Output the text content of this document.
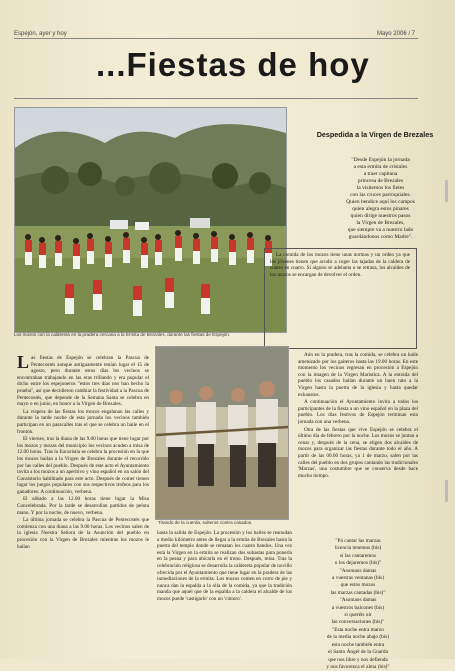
Espejón, ayer y hoy	Mayo 2006 / 7
...Fiestas de hoy
Los mozos con la caldereta en la pradera cercana a la Ermita de Brezales, durante las fiestas de Espejón.
Despedida a la Virgen de Brezales
"Desde Espejón la jornada
a esta ermita de cristales
a traer capitana
princesa de Brezales
la visitemos los fieles
con las cruces parroquiales.
Quien bendice aquí los campos
quien alegra estos pinares
quien dirige nuestros pasos
la Virgen de Brezales,
que siempre va a nuestro lado
guardándonos como Madre".

La comida de los mozos tiene unas normas y un orden ya que los jóvenes tienen que acudir a coger las tajadas de la caldera de cuatro en cuatro. Si alguno se adelanta o se retrasa, los alcaldes de los mozos se encargan de devolver el orden.

L as fiestas de Espejón se celebran la Pascua de Pentecostés aunque antiguamente tenían lugar el 15 de agosto, pero durante estos días los vecinos se encontraban trabajando en las eras trillando y era popular el dicho entre los espejoneros "estos tres días nos han hecho la prueba", así que decidieron cambiar la festividad a la Pascua de Pentecostés, que depende de la Semana Santa se celebra en mayo o en junio, en honor a la Virgen de Brezales.

La víspera de las fiestas los mozos engalanan las calles y durante la tarde noche de esta jornada los vecinos también participan en un pasacalles tras el que se celebra un baile en el frontón.

El viernes, tras la diana de las 9.00 horas que tiene lugar por los mozos y mozas del municipio los vecinos acuden a misa de 12.00 horas. Tras la Eucaristía se celebra la procesión en la que los mozos bailan a la Virgen de Brezales durante el recorrido por las calles del pueblo. Después de este acto el Ayuntamiento invita a los mozos a un aperitivo y vino español en un salón del Consistorio habilitado para este acto. Después de comer tienen lugar los juegos populares con sus respectivos trofeos para los ganadores. A continuación, verbena.

El sábado a las 12.00 horas tiene lugar la Misa Concelebrada. Por la tarde se desarrollan partidos de pelota mano. Y por la noche, de nuevo, verbena.

La última jornada se celebra la Pascua de Pentecostés que comienza con una diana a las 9.00 horas. Los vecinos salen de la iglesia Nuestra Señora de la Asunción del pueblo en procesión con la Virgen de Brezales mientras los mozos le bailan

Tirando de la cuerda, solteros contra casados.

hasta la salida de Espejón. La procesión y los bailes se reanudan a medio kilómetro antes de llegar a la ermita de Brezales hasta la puerta del templo donde se rematan los cuatro bandos. Una vez está la Virgen en la ermita se realizan dos subastas para ponerla en la peana y para ubicarla en el trono. Después, misa. Tras la celebración religiosa se desarrolla la caldereta popular de novillo ofrecida por el Ayuntamiento que tiene lugar en la pradera de las inmediaciones de la ermita. Los mozos comen en corro de pie y nunca dan la espalda a la olla de la comida, ya que la tradición manda que aquel que de la espalda a la caldera el alcalde de los mozos puede 'castigarlo' con un 'cinturo'.

Aún en la pradera, tras la comida, se celebra un baile amenizado por los gaiteros hasta las 19.00 horas. En este momento los vecinos regresan en procesión a Espejón con la imagen de la Virgen Marística. A la entrada del pueblo los casados bailan durante un buen rato a la Virgen hasta la puerta de la iglesia y hasta quedar exhaustos.

A continuación el Ayuntamiento invita a todos los participantes de la fiesta a un vino español en la plaza del pueblo. Los días festivos de Espejón terminan esta jornada con una verbena.

Otra de las fiestas que vive Espejón se celebra el último día de febrero por la noche. Los mozos se juntan a cenar y, después de la cena, se eligen dos alcaldes de mozos para organizar las fiestas durante todo el año. A partir de las 00.00 horas, ya 1 de marzo, salen por las calles del pueblo en dos grupos cantando las tradicionales 'Marzas', una costumbre que se conserva desde hace mucho tiempo.

"Pá cantar las marzas
licencia tenemos (bis)
si las cantaremos
o los dejaremos (bis)"
"Asomaos damas
a vuestras ventanas (bis)
que estos mozos
las marzas cantadas (bis)"
"Asomaos damas
a vuestros balcones (bis)
si queréis oír
las conversaciones (bis)"
"Esta noche entra marzo
de la media noche abajo (bis)
esta noche también entra
el Santo Ángel de la Guarda
que nos libre y nos defienda
y nos favorezca el alma (bis)"
